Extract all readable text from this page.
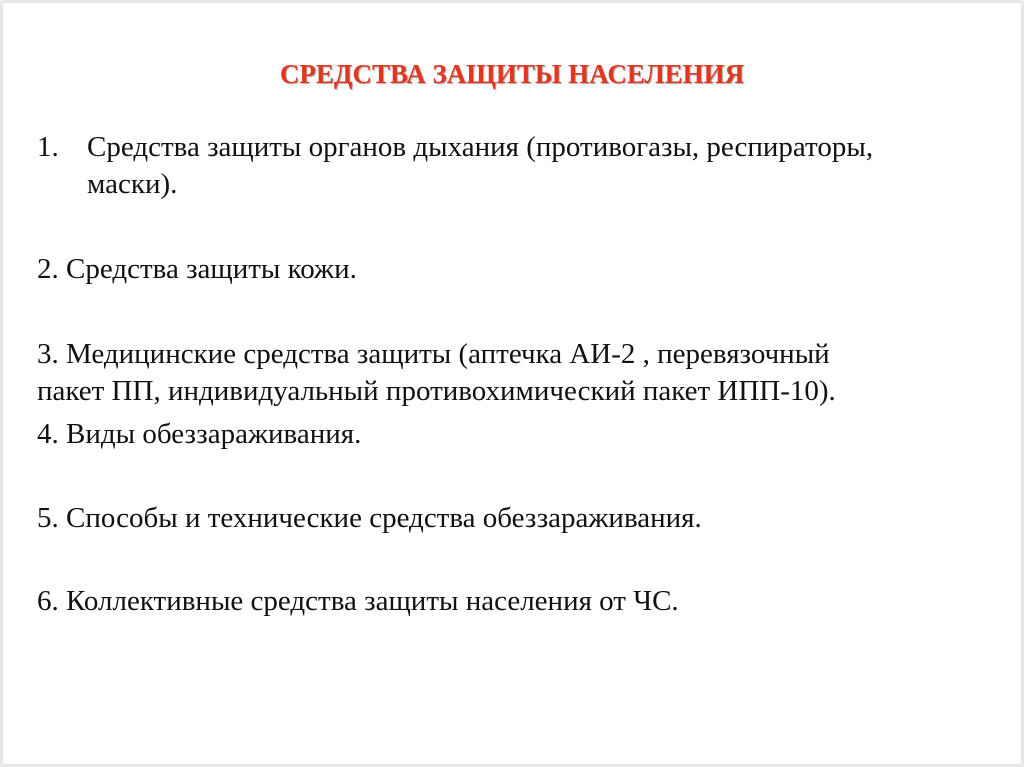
СРЕДСТВА ЗАЩИТЫ НАСЕЛЕНИЯ
1. Средства защиты органов дыхания (противогазы, респираторы,
маски).
2. Средства защиты кожи.
3. Медицинские средства защиты (аптечка АИ-2 , перевязочный
пакет ПП, индивидуальный противохимический пакет ИПП-10).
4. Виды обеззараживания.
5. Способы и технические средства обеззараживания.
6. Коллективные средства защиты населения от ЧС.
